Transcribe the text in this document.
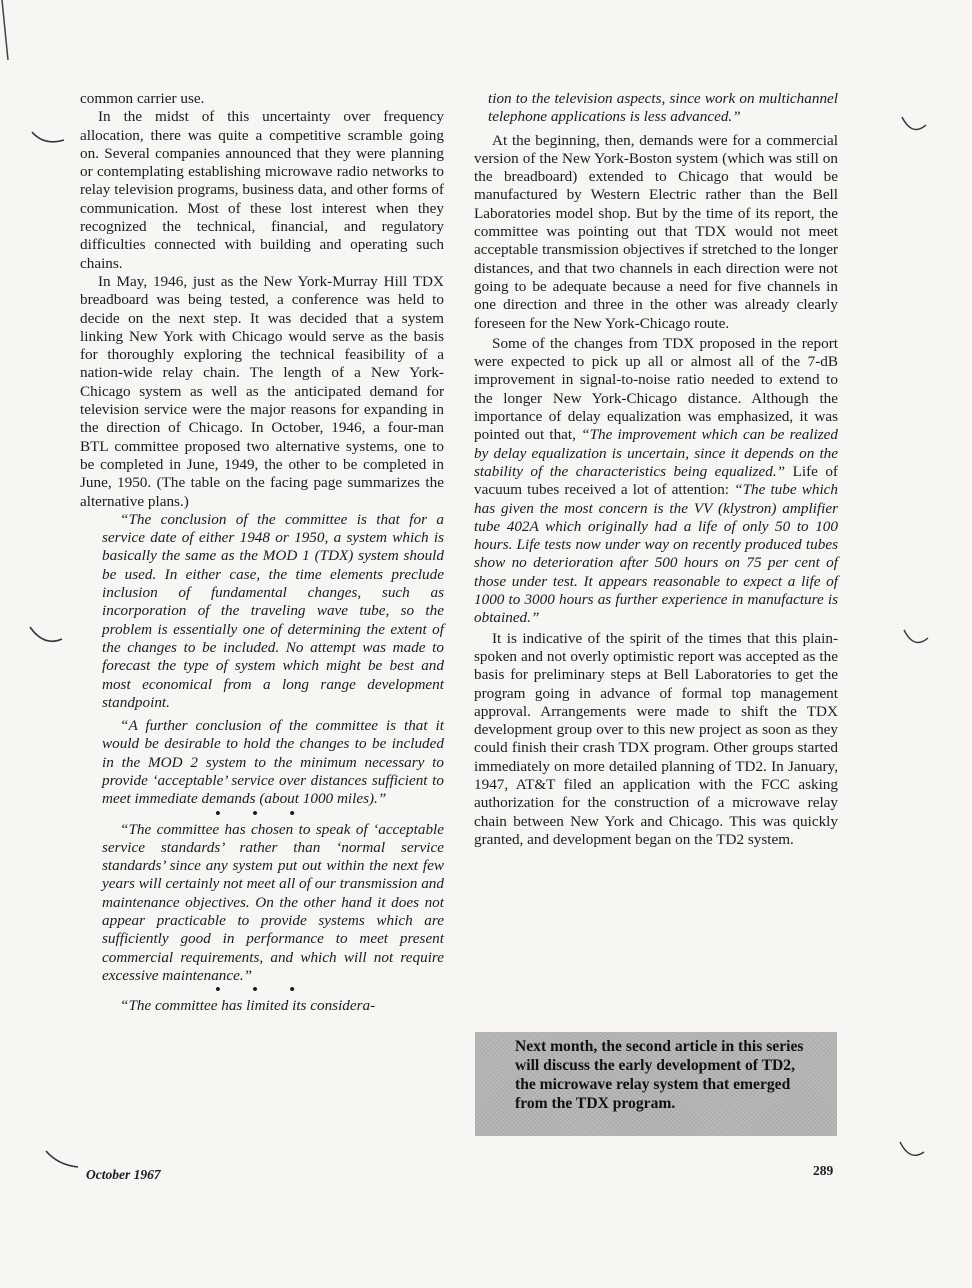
common carrier use.

In the midst of this uncertainty over frequency allocation, there was quite a competitive scramble going on. Several companies announced that they were planning or contemplating establishing microwave radio networks to relay television programs, business data, and other forms of communication. Most of these lost interest when they recognized the technical, financial, and regulatory difficulties connected with building and operating such chains.

In May, 1946, just as the New York-Murray Hill TDX breadboard was being tested, a conference was held to decide on the next step. It was decided that a system linking New York with Chicago would serve as the basis for thoroughly exploring the technical feasibility of a nation-wide relay chain. The length of a New York-Chicago system as well as the anticipated demand for television service were the major reasons for expanding in the direction of Chicago. In October, 1946, a four-man BTL committee proposed two alternative systems, one to be completed in June, 1949, the other to be completed in June, 1950. (The table on the facing page summarizes the alternative plans.)

“The conclusion of the committee is that for a service date of either 1948 or 1950, a system which is basically the same as the MOD 1 (TDX) system should be used. In either case, the time elements preclude inclusion of fundamental changes, such as incorporation of the traveling wave tube, so the problem is essentially one of determining the extent of the changes to be included. No attempt was made to forecast the type of system which might be best and most economical from a long range development standpoint.

“A further conclusion of the committee is that it would be desirable to hold the changes to be included in the MOD 2 system to the minimum necessary to provide ‘acceptable’ service over distances sufficient to meet immediate demands (about 1000 miles).”

• • •

“The committee has chosen to speak of ‘acceptable service standards’ rather than ‘normal service standards’ since any system put out within the next few years will certainly not meet all of our transmission and maintenance objectives. On the other hand it does not appear practicable to provide systems which are sufficiently good in performance to meet present commercial requirements, and which will not require excessive maintenance.”

• • •

“The committee has limited its considera-

tion to the television aspects, since work on multichannel telephone applications is less advanced.”

At the beginning, then, demands were for a commercial version of the New York-Boston system (which was still on the breadboard) extended to Chicago that would be manufactured by Western Electric rather than the Bell Laboratories model shop. But by the time of its report, the committee was pointing out that TDX would not meet acceptable transmission objectives if stretched to the longer distances, and that two channels in each direction were not going to be adequate because a need for five channels in one direction and three in the other was already clearly foreseen for the New York-Chicago route.

Some of the changes from TDX proposed in the report were expected to pick up all or almost all of the 7-dB improvement in signal-to-noise ratio needed to extend to the longer New York-Chicago distance. Although the importance of delay equalization was emphasized, it was pointed out that, “The improvement which can be realized by delay equalization is uncertain, since it depends on the stability of the characteristics being equalized.” Life of vacuum tubes received a lot of attention: “The tube which has given the most concern is the VV (klystron) amplifier tube 402A which originally had a life of only 50 to 100 hours. Life tests now under way on recently produced tubes show no deterioration after 500 hours on 75 per cent of those under test. It appears reasonable to expect a life of 1000 to 3000 hours as further experience in manufacture is obtained.”

It is indicative of the spirit of the times that this plain-spoken and not overly optimistic report was accepted as the basis for preliminary steps at Bell Laboratories to get the program going in advance of formal top management approval. Arrangements were made to shift the TDX development group over to this new project as soon as they could finish their crash TDX program. Other groups started immediately on more detailed planning of TD2. In January, 1947, AT&T filed an application with the FCC asking authorization for the construction of a microwave relay chain between New York and Chicago. This was quickly granted, and development began on the TD2 system.

Next month, the second article in this series will discuss the early development of TD2, the microwave relay system that emerged from the TDX program.
October 1967	289
